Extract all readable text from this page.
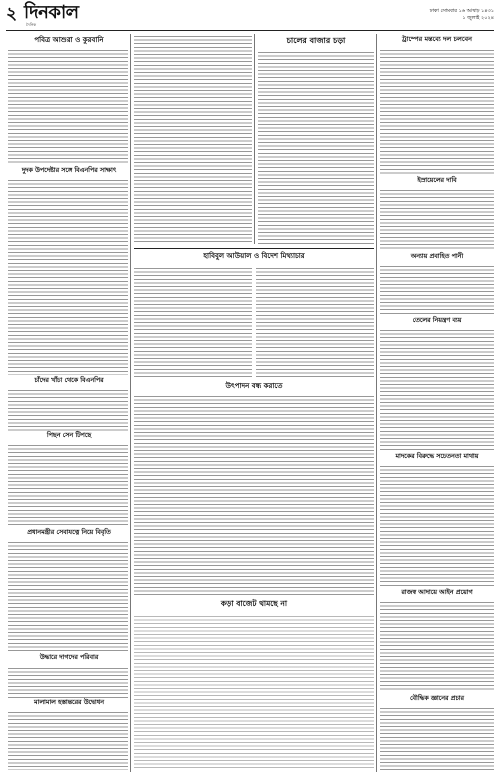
২ দিনকাল
দৈনিক
ঢাকা সোমবার ১৬ আষাঢ় ১৪৩১
১ জুলাই ২০২৪
পবিত্র আশুরা ও কুরবানি
দুদক উপদেষ্টার সঙ্গে বিএনপির সাক্ষাৎ
চাঁদের খাঁচা থেকে বিএনপির
পিছন সেন টিপছে
প্রধানমন্ত্রীর সেবাযত্নে নিয়ে বিবৃতি
উদ্ধারে দাগদের পরিবার
মালামাল হস্তান্তরের উদ্বোধন
চালের বাজার চড়া
হাবিবুল আউয়াল ও বিদেশ মিথ্যাচার
উৎপাদন বন্ধ করাতে
কড়া বাজেট থামছে না
ট্রাম্পের মন্তব্যে দল চলবেন
ইস্রায়েলের দাবি
অন্যায় প্রবাহিত পানী
তেলের নিয়ন্ত্রণ ব্যয়
মাদকের বিরুদ্ধে সচেতনতা মাথায়
রাজস্ব আদায়ে আইন প্রয়োগ
বৌদ্ধিক জ্ঞানের প্রচার
